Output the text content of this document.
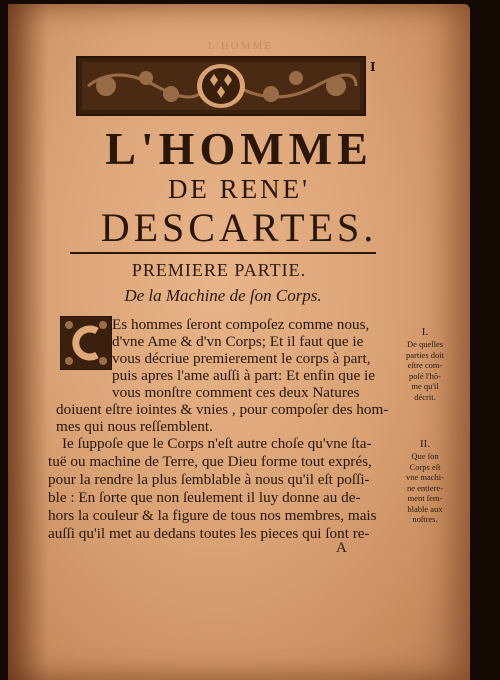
L'HOMME
I
L'HOMME
DE RENE'
DESCARTES.
PREMIERE PARTIE.
De la Machine de ſon Corps.
Es hommes ſeront compoſez comme nous,
d'vne Ame & d'vn Corps; Et il faut que ie
vous décriue premierement le corps à part,
puis apres l'ame auſſi à part: Et enfin que ie
vous monſtre comment ces deux Natures
doiuent eſtre iointes & vnies , pour compoſer des hom-
mes qui nous reſſemblent.
Ie ſuppoſe que le Corps n'eſt autre choſe qu'vne ſta-
tuë ou machine de Terre, que Dieu forme tout exprés,
pour la rendre la plus ſemblable à nous qu'il eſt poſſi-
ble : En ſorte que non ſeulement il luy donne au de-
hors la couleur & la figure de tous nos membres, mais
auſſi qu'il met au dedans toutes les pieces qui ſont re-
I.
De quelles
parties doit
eſtre com-
poſé l'hõ-
me qu'il
décrit.
II.
Que ſon
Corps eſt
vne machi-
ne entiere-
ment ſem-
blable aux
noſtres.
A
